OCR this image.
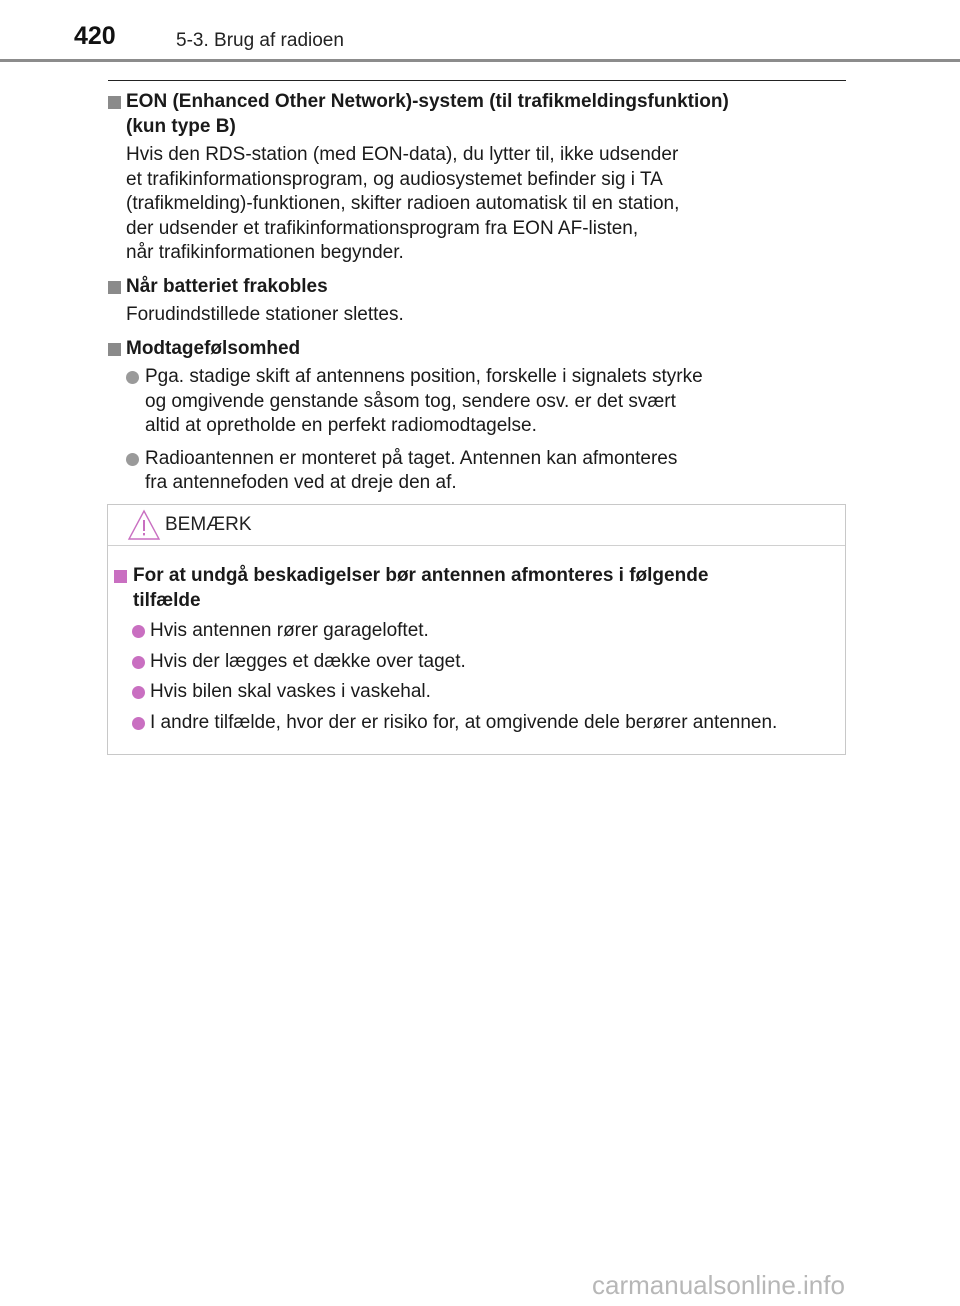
420	5-3. Brug af radioen
EON (Enhanced Other Network)-system (til trafikmeldingsfunktion)
(kun type B)
Hvis den RDS-station (med EON-data), du lytter til, ikke udsender
et trafikinformationsprogram, og audiosystemet befinder sig i TA
(trafikmelding)-funktionen, skifter radioen automatisk til en station,
der udsender et trafikinformationsprogram fra EON AF-listen,
når trafikinformationen begynder.
Når batteriet frakobles
Forudindstillede stationer slettes.
Modtagefølsomhed
Pga. stadige skift af antennens position, forskelle i signalets styrke
og omgivende genstande såsom tog, sendere osv. er det svært
altid at opretholde en perfekt radiomodtagelse.
Radioantennen er monteret på taget. Antennen kan afmonteres
fra antennefoden ved at dreje den af.
BEMÆRK
For at undgå beskadigelser bør antennen afmonteres i følgende
tilfælde
Hvis antennen rører garageloftet.
Hvis der lægges et dække over taget.
Hvis bilen skal vaskes i vaskehal.
I andre tilfælde, hvor der er risiko for, at omgivende dele berører antennen.
carmanualsonline.info
